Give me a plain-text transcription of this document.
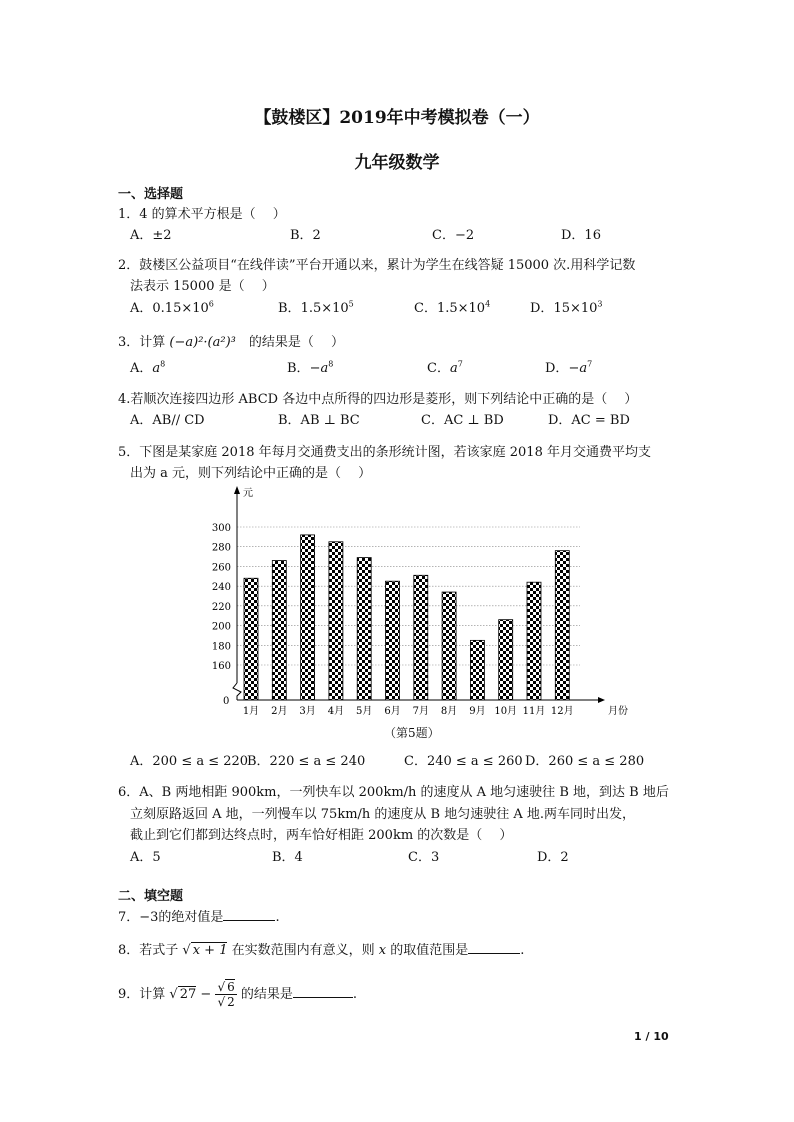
【鼓楼区】2019年中考模拟卷（一）
九年级数学
一、选择题
1．4 的算术平方根是（　 ）
A．±2	B．2	C．−2	D．16
2．鼓楼区公益项目“在线伴读”平台开通以来，累计为学生在线答疑 15000 次.用科学记数
法表示 15000 是（　 ）
A．$0.15\times 10^6$	B．$1.5\times 10^5$	C．$1.5\times 10^4$	D．$15\times 10^3$
3．计算 (−a)²·(a²)³　 的结果是（　 ）
A．$a^8$	B．$-a^8$	C．$a^7$	D．$-a^7$
4.若顺次连接四边形 ABCD 各边中点所得的四边形是菱形，则下列结论中正确的是（　 ）
A．AB// CD	B．AB ⊥ BC	C．AC ⊥ BD	D．AC = BD
5．下图是某家庭 2018 年每月交通费支出的条形统计图，若该家庭 2018 年月交通费平均支
出为 a 元，则下列结论中正确的是（　 ）
160
180
200
220
240
260
280
300
1月 2月 3月 4月 5月 6月 7月 8月 9月 10月 11月 12月
元
月份
0
（第5题）
A．200 ≤ a ≤ 220
B．220 ≤ a ≤ 240	C．240 ≤ a ≤ 260 D．260 ≤ a ≤ 280
6．A、B 两地相距 900km，一列快车以 200km/h 的速度从 A 地匀速驶往 B 地，到达 B 地后
立刻原路返回 A 地，一列慢车以 75km/h 的速度从 B 地匀速驶往 A 地.两车同时出发，
截止到它们都到达终点时，两车恰好相距 200km 的次数是（　 ）
A．5	B．4	C．3	D．2
二、填空题
7．−3的绝对值是	.
8．若式子 √ x + 1 在实数范围内有意义，则 x 的取值范围是	.
9．计算 √ $27 - \frac{√ 6}{√ 2}$ 的结果是	.
1 / 10
